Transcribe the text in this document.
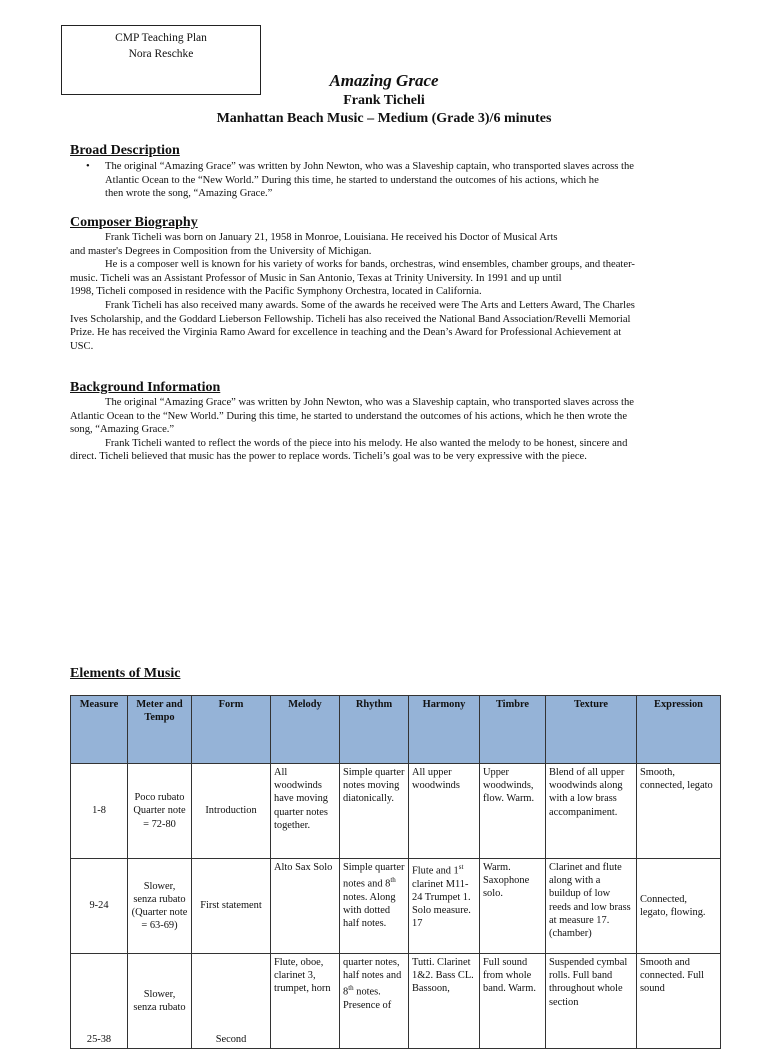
CMP Teaching Plan
Nora Reschke
Amazing Grace
Frank Ticheli
Manhattan Beach Music – Medium (Grade 3)/6 minutes
Broad Description
• The original “Amazing Grace” was written by John Newton, who was a Slaveship captain, who transported slaves across the
Atlantic Ocean to the “New World.” During this time, he started to understand the outcomes of his actions, which he
then wrote the song, “Amazing Grace.”
Composer Biography
Frank Ticheli was born on January 21, 1958 in Monroe, Louisiana. He received his Doctor of Musical Arts
and master's Degrees in Composition from the University of Michigan.
He is a composer well is known for his variety of works for bands, orchestras, wind ensembles, chamber groups, and theater-
music. Ticheli was an Assistant Professor of Music in San Antonio, Texas at Trinity University. In 1991 and up until
1998, Ticheli composed in residence with the Pacific Symphony Orchestra, located in California.
Frank Ticheli has also received many awards. Some of the awards he received were The Arts and Letters Award, The Charles
Ives Scholarship, and the Goddard Lieberson Fellowship. Ticheli has also received the National Band Association/Revelli Memorial
Prize. He has received the Virginia Ramo Award for excellence in teaching and the Dean’s Award for Professional Achievement at
USC.
Background Information
The original “Amazing Grace” was written by John Newton, who was a Slaveship captain, who transported slaves across the
Atlantic Ocean to the “New World.” During this time, he started to understand the outcomes of his actions, which he then wrote the
song, “Amazing Grace.”
Frank Ticheli wanted to reflect the words of the piece into his melody. He also wanted the melody to be honest, sincere and
direct. Ticheli believed that music has the power to replace words. Ticheli’s goal was to be very expressive with the piece.
Elements of Music
Measure	Meter and Tempo	Form	Melody	Rhythm	Harmony	Timbre	Texture	Expression
1-8	Poco rubato Quarter note = 72-80	Introduction	All woodwinds have moving quarter notes together.	Simple quarter notes moving diatonically.	All upper woodwinds	Upper woodwinds, flow. Warm.	Blend of all upper woodwinds along with a low brass accompaniment.	Smooth, connected, legato
9-24	Slower, senza rubato (Quarter note = 63-69)	First statement	Alto Sax Solo	Simple quarter notes and 8th notes. Along with dotted half notes.	Flute and 1st clarinet M11-24 Trumpet 1. Solo measure. 17	Warm. Saxophone solo.	Clarinet and flute along with a buildup of low reeds and low brass at measure 17. (chamber)	Connected, legato, flowing.
25-38	Slower, senza rubato	Second	Flute, oboe, clarinet 3, trumpet, horn	quarter notes, half notes and 8th notes. Presence of	Tutti. Clarinet 1&2. Bass CL. Bassoon,	Full sound from whole band. Warm.	Suspended cymbal rolls. Full band throughout whole section	Smooth and connected. Full sound
